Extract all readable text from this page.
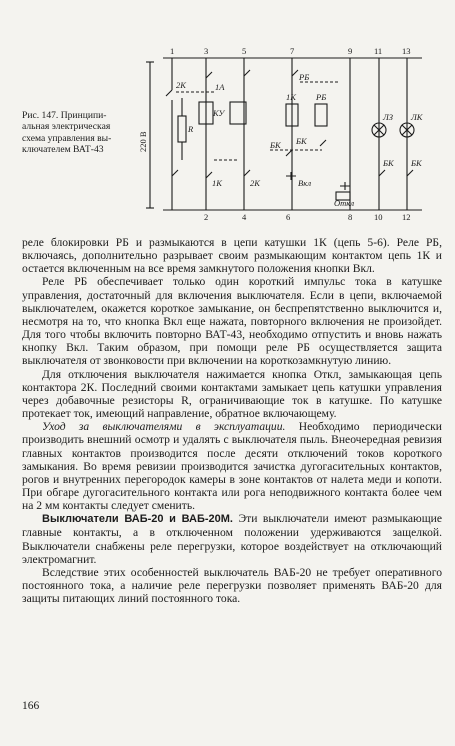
220 В
1	3	5	7	9	11 13
2	4	6	8	10 12
2К	1А
КУ
R
РБ
1К РБ
БК БК
ЛЗ ЛК
1К	2К	Вкл
Откл
БК БК
Рис. 147. Принципи-
альная электрическая
схема управления вы-
ключателем ВАТ-43

реле блокировки РБ и размыкаются в цепи катушки 1К (цепь 5-6). Реле РБ, включаясь, дополнительно разрывает своим размыкающим контактом цепь 1К и остается включенным на все время замкнутого положения кнопки Вкл.

Реле РБ обеспечивает только один короткий импульс тока в катушке управления, достаточный для включения выключателя. Если в цепи, включаемой выключателем, окажется короткое замыкание, он беспрепятственно выключится и, несмотря на то, что кнопка Вкл еще нажата, повторного включения не произойдет. Для того чтобы включить повторно ВАТ-43, необходимо отпустить и вновь нажать кнопку Вкл. Таким образом, при помощи реле РБ осуществляется защита выключателя от звонковости при включении на короткозамкнутую линию.

Для отключения выключателя нажимается кнопка Откл, замыкающая цепь контактора 2К. Последний своими контактами замыкает цепь катушки управления через добавочные резисторы R, ограничивающие ток в катушке. По катушке протекает ток, имеющий направление, обратное включающему.

Уход за выключателями в эксплуатации. Необходимо периодически производить внешний осмотр и удалять с выключателя пыль. Внеочередная ревизия главных контактов производится после десяти отключений токов короткого замыкания. Во время ревизии производится зачистка дугогасительных контактов, рогов и внутренних перегородок камеры в зоне контактов от налета меди и копоти. При обгаре дугогасительного контакта или рога неподвижного контакта более чем на 2 мм контакты следует сменить.

Выключатели ВАБ-20 и ВАБ-20М. Эти выключатели имеют размыкающие главные контакты, а в отключенном положении удерживаются защелкой. Выключатели снабжены реле перегрузки, которое воздействует на отключающий электромагнит.

Вследствие этих особенностей выключатель ВАБ-20 не требует оперативного постоянного тока, а наличие реле перегрузки позволяет применять ВАБ-20 для защиты питающих линий постоянного тока.

166
